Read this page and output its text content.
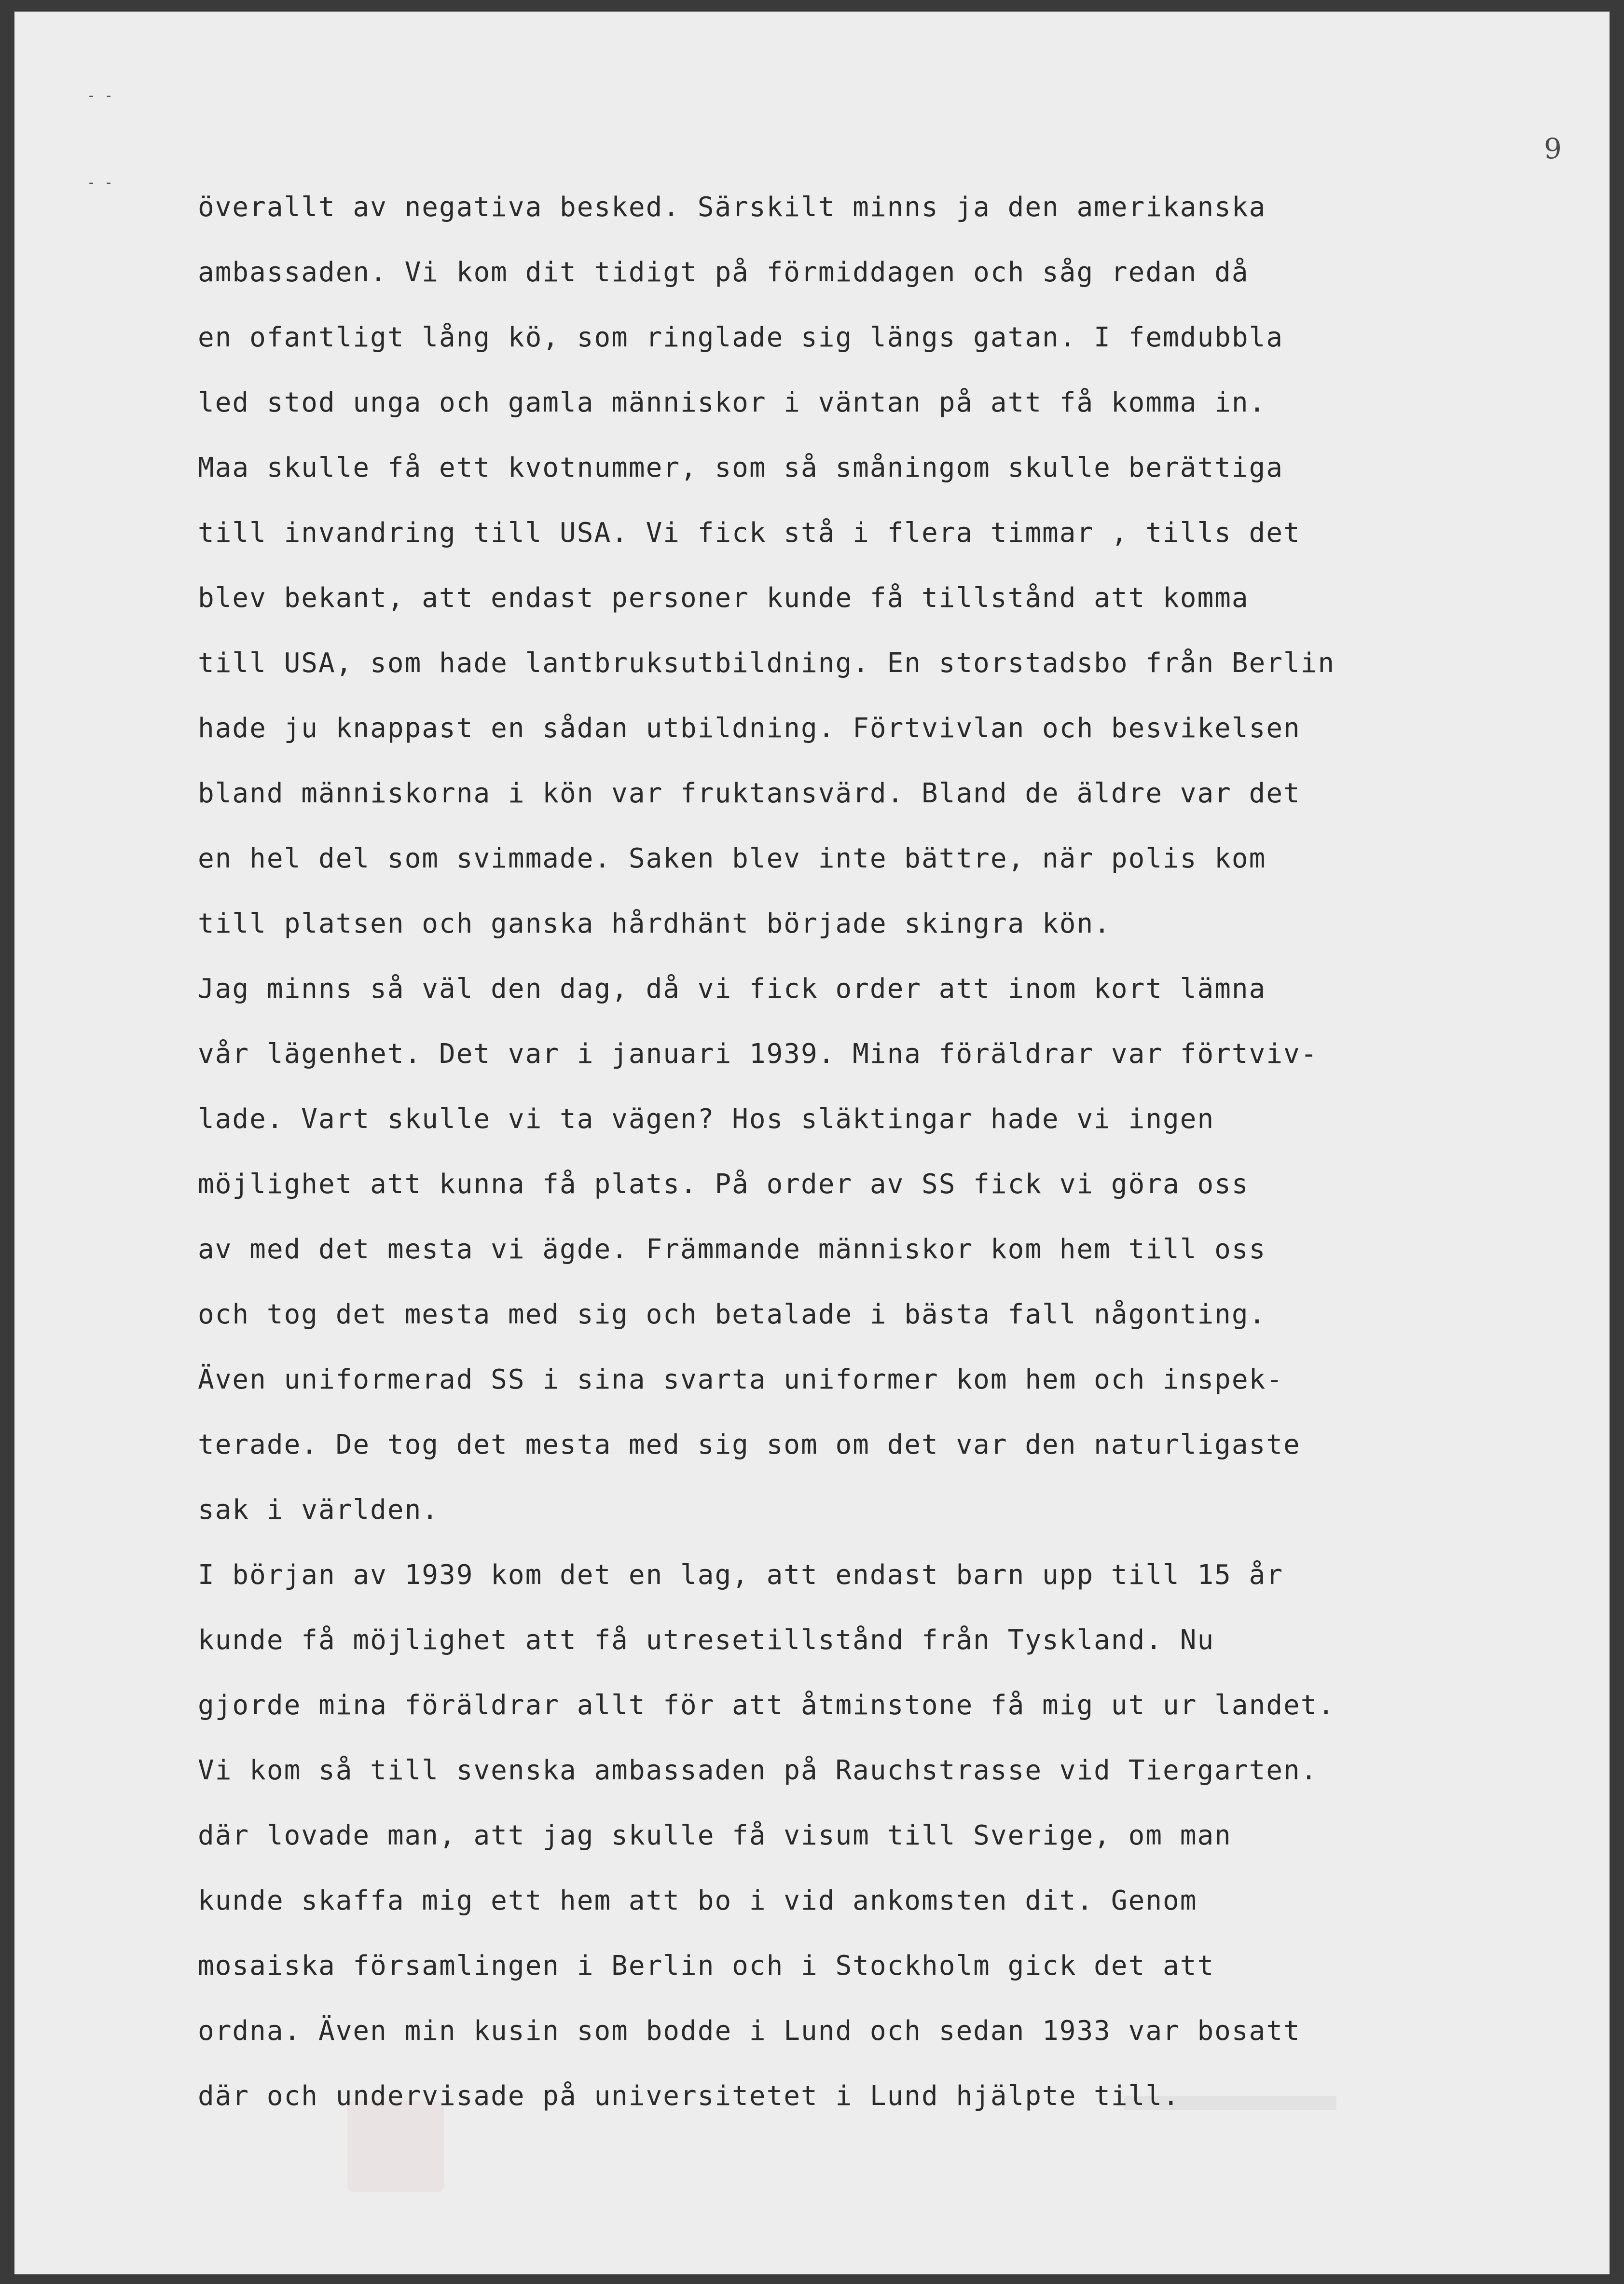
- -
- -
9
överallt av negativa besked. Särskilt minns ja den amerikanska
ambassaden. Vi kom dit tidigt på förmiddagen och såg redan då
en ofantligt lång kö, som ringlade sig längs gatan. I femdubbla
led stod unga och gamla människor i väntan på att få komma in.
Maa skulle få ett kvotnummer, som så småningom skulle berättiga
till invandring till USA. Vi fick stå i flera timmar , tills det
blev bekant, att endast personer kunde få tillstånd att komma
till USA, som hade lantbruksutbildning. En storstadsbo från Berlin
hade ju knappast en sådan utbildning. Förtvivlan och besvikelsen
bland människorna i kön var fruktansvärd. Bland de äldre var det
en hel del som svimmade. Saken blev inte bättre, när polis kom
till platsen och ganska hårdhänt började skingra kön.
Jag minns så väl den dag, då vi fick order att inom kort lämna
vår lägenhet. Det var i januari 1939. Mina föräldrar var förtviv-
lade. Vart skulle vi ta vägen? Hos släktingar hade vi ingen
möjlighet att kunna få plats. På order av SS fick vi göra oss
av med det mesta vi ägde. Främmande människor kom hem till oss
och tog det mesta med sig och betalade i bästa fall någonting.
Även uniformerad SS i sina svarta uniformer kom hem och inspek-
terade. De tog det mesta med sig som om det var den naturligaste
sak i världen.
I början av 1939 kom det en lag, att endast barn upp till 15 år
kunde få möjlighet att få utresetillstånd från Tyskland. Nu
gjorde mina föräldrar allt för att åtminstone få mig ut ur landet.
Vi kom så till svenska ambassaden på Rauchstrasse vid Tiergarten.
där lovade man, att jag skulle få visum till Sverige, om man
kunde skaffa mig ett hem att bo i vid ankomsten dit. Genom
mosaiska församlingen i Berlin och i Stockholm gick det att
ordna. Även min kusin som bodde i Lund och sedan 1933 var bosatt
där och undervisade på universitetet i Lund hjälpte till.
